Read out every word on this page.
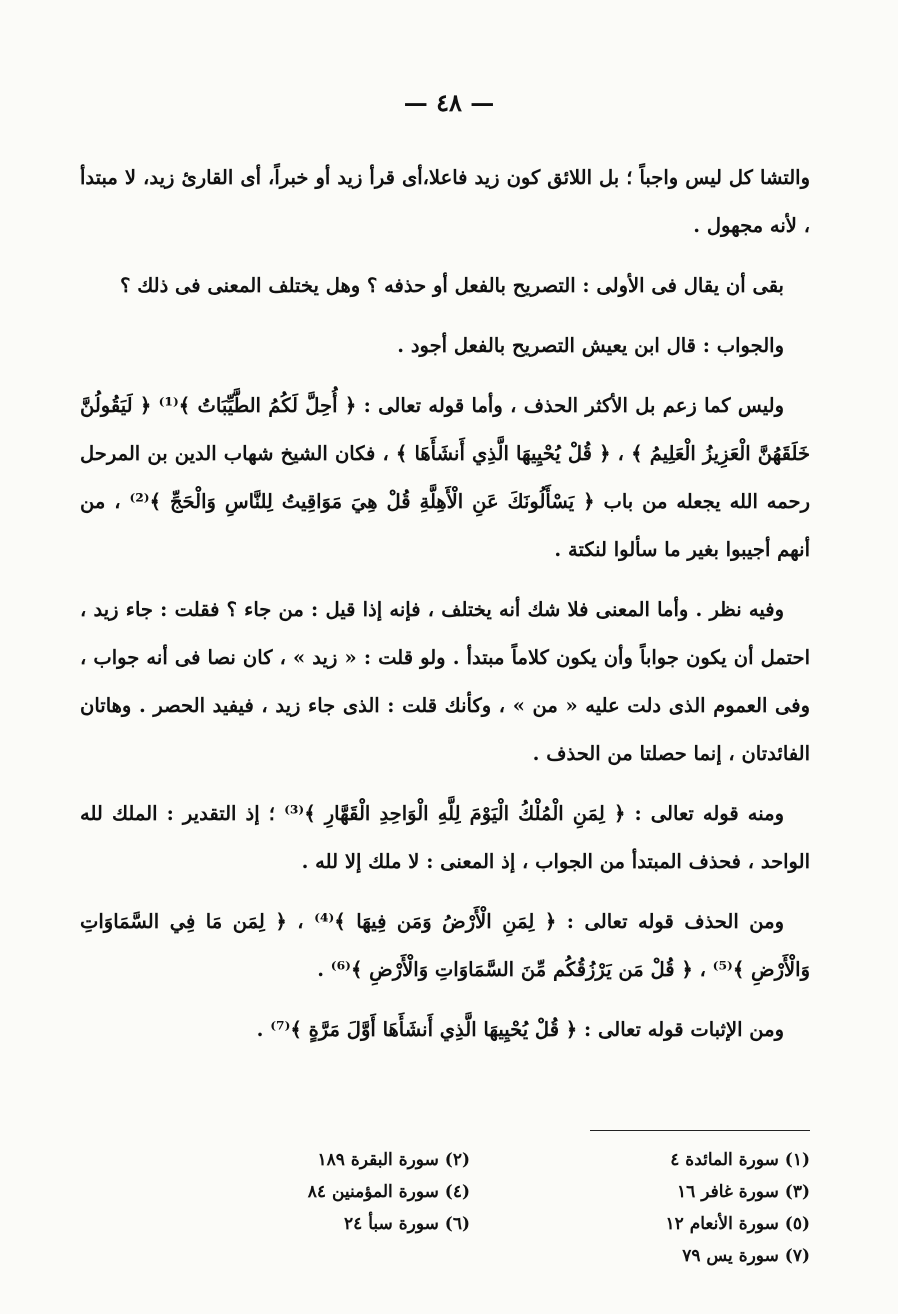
— ٤٨ —

والتشا كل ليس واجباً ؛ بل اللائق كون زيد فاعلا،أى قرأ زيد أو خبراً، أى القارئ زيد، لا مبتدأ ، لأنه مجهول .

بقى أن يقال فى الأولى : التصريح بالفعل أو حذفه ؟ وهل يختلف المعنى فى ذلك ؟

والجواب : قال ابن يعيش التصريح بالفعل أجود .

وليس كما زعم بل الأكثر الحذف ، وأما قوله تعالى : ﴿ أُحِلَّ لَكُمُ الطَّيِّبَاتُ ﴾⁽¹⁾ ﴿ لَيَقُولُنَّ خَلَقَهُنَّ الْعَزِيزُ الْعَلِيمُ ﴾ ، ﴿ قُلْ يُحْيِيهَا الَّذِي أَنشَأَهَا ﴾ ، فكان الشيخ شهاب الدين بن المرحل رحمه الله يجعله من باب ﴿ يَسْأَلُونَكَ عَنِ الْأَهِلَّةِ قُلْ هِيَ مَوَاقِيتُ لِلنَّاسِ وَالْحَجِّ ﴾⁽²⁾ ، من أنهم أجيبوا بغير ما سألوا لنكتة .

وفيه نظر . وأما المعنى فلا شك أنه يختلف ، فإنه إذا قيل : من جاء ؟ فقلت : جاء زيد ، احتمل أن يكون جواباً وأن يكون كلاماً مبتدأ . ولو قلت : « زيد » ، كان نصا فى أنه جواب ، وفى العموم الذى دلت عليه « من » ، وكأنك قلت : الذى جاء زيد ، فيفيد الحصر . وهاتان الفائدتان ، إنما حصلتا من الحذف .

ومنه قوله تعالى : ﴿ لِمَنِ الْمُلْكُ الْيَوْمَ لِلَّهِ الْوَاحِدِ الْقَهَّارِ ﴾⁽³⁾ ؛ إذ التقدير : الملك لله الواحد ، فحذف المبتدأ من الجواب ، إذ المعنى : لا ملك إلا لله .

ومن الحذف قوله تعالى : ﴿ لِمَنِ الْأَرْضُ وَمَن فِيهَا ﴾⁽⁴⁾ ، ﴿ لِمَن مَا فِي السَّمَاوَاتِ وَالْأَرْضِ ﴾⁽⁵⁾ ، ﴿ قُلْ مَن يَرْزُقُكُم مِّنَ السَّمَاوَاتِ وَالْأَرْضِ ﴾⁽⁶⁾ .

ومن الإثبات قوله تعالى : ﴿ قُلْ يُحْيِيهَا الَّذِي أَنشَأَهَا أَوَّلَ مَرَّةٍ ﴾⁽⁷⁾ .

(١) سورة المائدة ٤
(٢) سورة البقرة ١٨٩
(٣) سورة غافر ١٦
(٤) سورة المؤمنين ٨٤
(٥) سورة الأنعام ١٢
(٦) سورة سبأ ٢٤
(٧) سورة يس ٧٩
